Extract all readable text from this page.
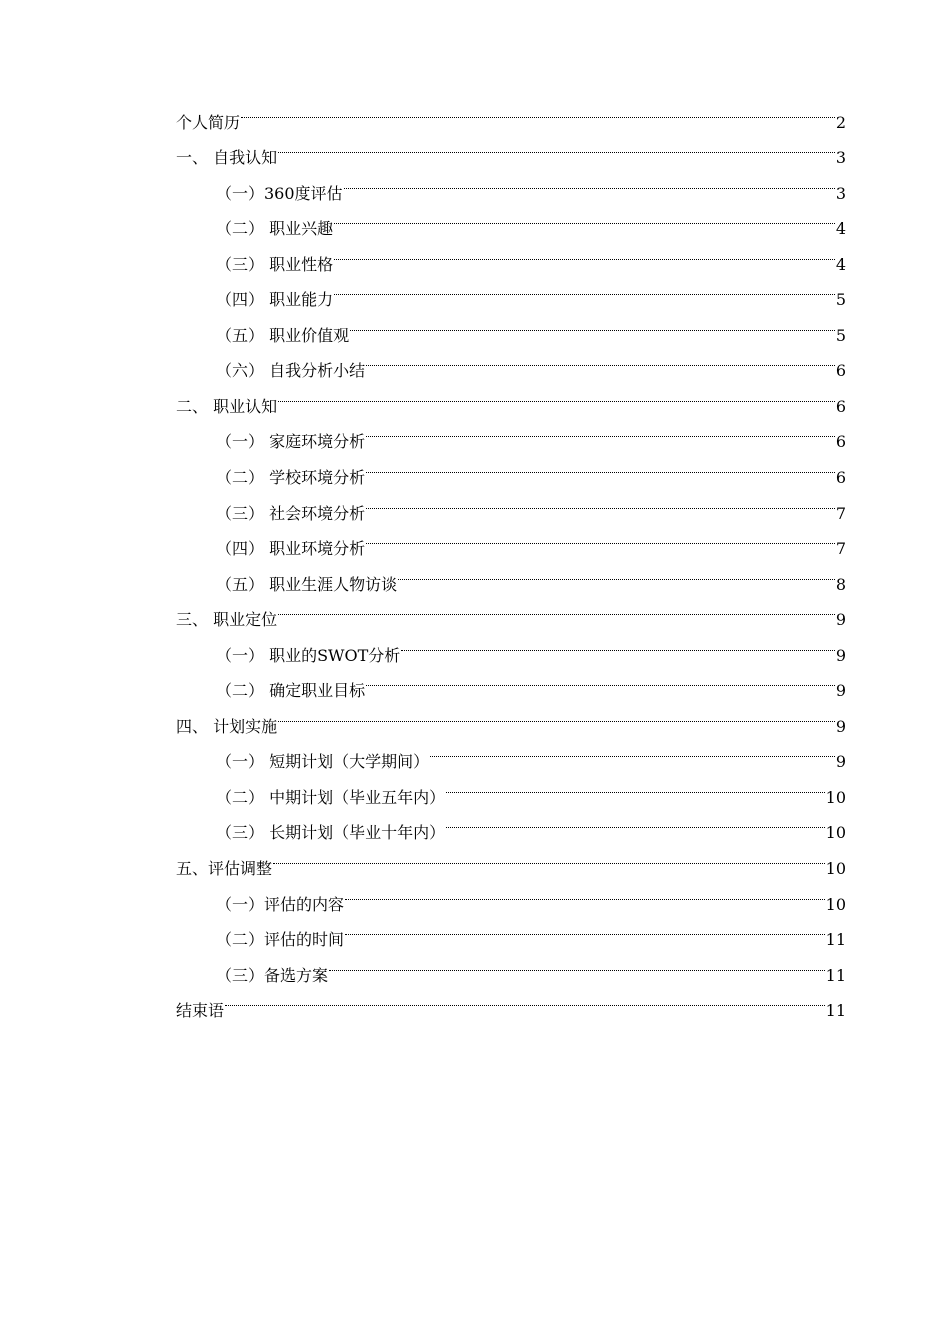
个人简历	2
一、 自我认知	3
（一）360度评估	3
（二） 职业兴趣	4
（三） 职业性格	4
（四） 职业能力	5
（五） 职业价值观	5
（六） 自我分析小结	6
二、 职业认知	6
（一） 家庭环境分析	6
（二） 学校环境分析	6
（三） 社会环境分析	7
（四） 职业环境分析	7
（五） 职业生涯人物访谈	8
三、 职业定位	9
（一） 职业的SWOT分析	9
（二） 确定职业目标	9
四、 计划实施	9
（一） 短期计划（大学期间）	9
（二） 中期计划（毕业五年内）	10
（三） 长期计划（毕业十年内）	10
五、评估调整	10
（一）评估的内容	10
（二）评估的时间	11
（三）备选方案	11
结束语	11
